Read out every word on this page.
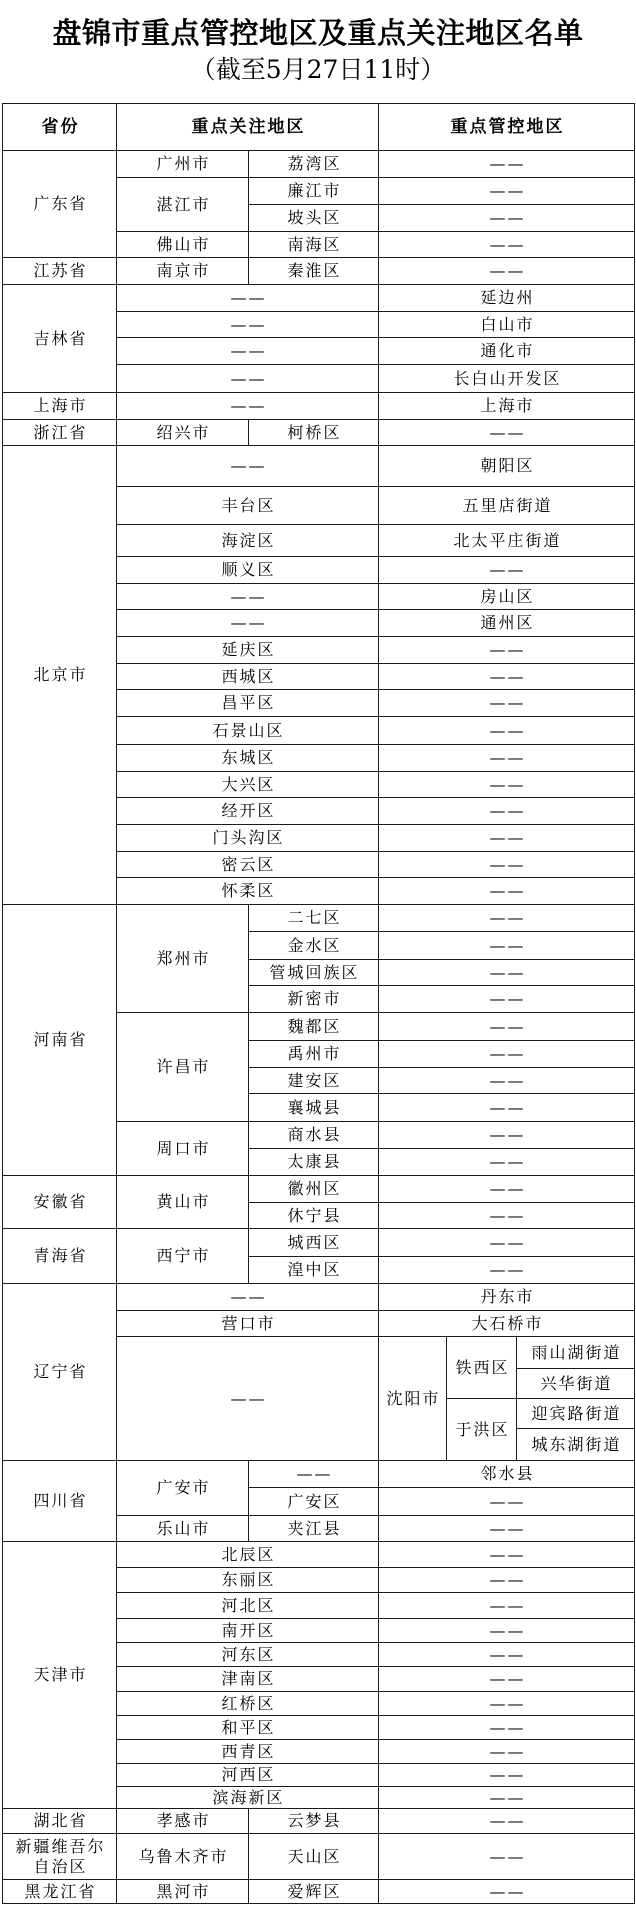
盘锦市重点管控地区及重点关注地区名单
（截至5月27日11时）
省份	重点关注地区		重点管控地区		
广东省	广州市	荔湾区	——		
	湛江市	廉江市	——		
		坡头区	——		
	佛山市	南海区	——		
江苏省	南京市	秦淮区	——		
吉林省	——		延边州		
	——		白山市		
	——		通化市		
	——		长白山开发区		
上海市	——		上海市		
浙江省	绍兴市	柯桥区	——		
北京市	——		朝阳区		
	丰台区		五里店街道		
	海淀区		北太平庄街道		
	顺义区		——		
	——		房山区		
	——		通州区		
	延庆区		——		
	西城区		——		
	昌平区		——		
	石景山区		——		
	东城区		——		
	大兴区		——		
	经开区		——		
	门头沟区		——		
	密云区		——		
	怀柔区		——		
河南省	郑州市	二七区	——		
		金水区	——		
		管城回族区	——		
		新密市	——		
	许昌市	魏都区	——		
		禹州市	——		
		建安区	——		
		襄城县	——		
	周口市	商水县	——		
		太康县	——		
安徽省	黄山市	徽州区	——		
		休宁县	——		
青海省	西宁市	城西区	——		
		湟中区	——		
辽宁省	——		丹东市		
	营口市		大石桥市		
	——		沈阳市	铁西区	雨山湖街道
					兴华街道
				于洪区	迎宾路街道
					城东湖街道
四川省	广安市	——	邻水县		
		广安区	——		
	乐山市	夹江县	——		
天津市	北辰区		——		
	东丽区		——		
	河北区		——		
	南开区		——		
	河东区		——		
	津南区		——		
	红桥区		——		
	和平区		——		
	西青区		——		
	河西区		——		
	滨海新区		——		
湖北省	孝感市	云梦县	——		
新疆维吾尔自治区	乌鲁木齐市	天山区	——		
黑龙江省	黑河市	爱辉区	——		
